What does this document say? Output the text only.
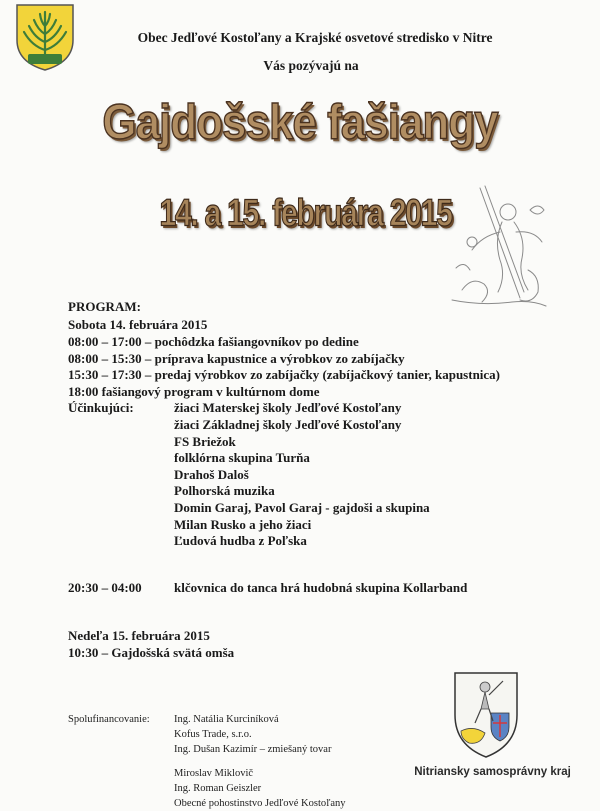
Obec Jedľové Kostoľany a Krajské osvetové stredisko v Nitre
Vás pozývajú na
Gajdošské fašiangy
14. a 15. februára 2015
PROGRAM:
Sobota 14. februára 2015
08:00 – 17:00 – pochôdzka fašiangovníkov po dedine
08:00 – 15:30 – príprava kapustnice a výrobkov zo zabíjačky
15:30 – 17:30 – predaj výrobkov zo zabíjačky (zabíjačkový tanier, kapustnica)
18:00 fašiangový program v kultúrnom dome
Účinkujúci:	žiaci Materskej školy Jedľové Kostoľany
žiaci Základnej školy Jedľové Kostoľany
FS Briežok
folklórna skupina Turňa
Drahoš Daloš
Polhorská muzika
Domin Garaj, Pavol Garaj - gajdoši a skupina
Milan Rusko a jeho žiaci
Ľudová hudba z Poľska
20:30 – 04:00 klčovnica do tanca hrá hudobná skupina Kollarband
Nedeľa 15. februára 2015
10:30 – Gajdošská svätá omša
Spolufinancovanie: Ing. Natália Kurciníková
Kofus Trade, s.r.o.
Ing. Dušan Kazimír – zmiešaný tovar
Miroslav Miklovič
Ing. Roman Geiszler
Obecné pohostinstvo Jedľové Kostoľany
Nitriansky samosprávny kraj
